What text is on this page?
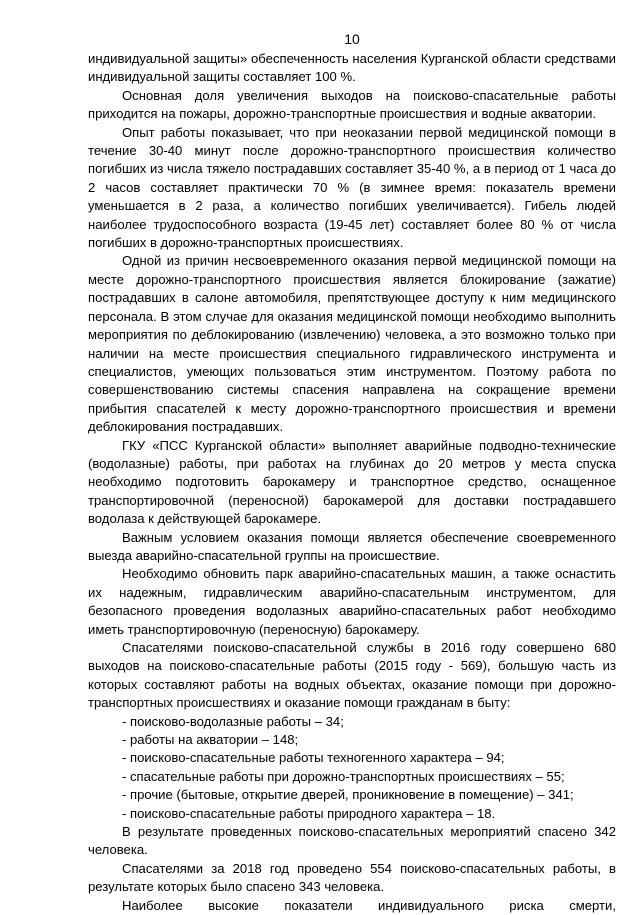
10

индивидуальной защиты» обеспеченность населения Курганской области средствами индивидуальной защиты составляет 100 %.

Основная доля увеличения выходов на поисково-спасательные работы приходится на пожары, дорожно-транспортные происшествия и водные акватории.

Опыт работы показывает, что при неоказании первой медицинской помощи в течение 30-40 минут после дорожно-транспортного происшествия количество погибших из числа тяжело пострадавших составляет 35-40 %, а в период от 1 часа до 2 часов составляет практически 70 % (в зимнее время: показатель времени уменьшается в 2 раза, а количество погибших увеличивается). Гибель людей наиболее трудоспособного возраста (19-45 лет) составляет более 80 % от числа погибших в дорожно-транспортных происшествиях.

Одной из причин несвоевременного оказания первой медицинской помощи на месте дорожно-транспортного происшествия является блокирование (зажатие) пострадавших в салоне автомобиля, препятствующее доступу к ним медицинского персонала. В этом случае для оказания медицинской помощи необходимо выполнить мероприятия по деблокированию (извлечению) человека, а это возможно только при наличии на месте происшествия специального гидравлического инструмента и специалистов, умеющих пользоваться этим инструментом. Поэтому работа по совершенствованию системы спасения направлена на сокращение времени прибытия спасателей к месту дорожно-транспортного происшествия и времени деблокирования пострадавших.

ГКУ «ПСС Курганской области» выполняет аварийные подводно-технические (водолазные) работы, при работах на глубинах до 20 метров у места спуска необходимо подготовить барокамеру и транспортное средство, оснащенное транспортировочной (переносной) барокамерой для доставки пострадавшего водолаза к действующей барокамере.

Важным условием оказания помощи является обеспечение своевременного выезда аварийно-спасательной группы на происшествие.

Необходимо обновить парк аварийно-спасательных машин, а также оснастить их надежным, гидравлическим аварийно-спасательным инструментом, для безопасного проведения водолазных аварийно-спасательных работ необходимо иметь транспортировочную (переносную) барокамеру.

Спасателями поисково-спасательной службы в 2016 году совершено 680 выходов на поисково-спасательные работы (2015 году - 569), большую часть из которых составляют работы на водных объектах, оказание помощи при дорожно-транспортных происшествиях и оказание помощи гражданам в быту:

- поисково-водолазные работы – 34;
- работы на акватории – 148;
- поисково-спасательные работы техногенного характера – 94;
- спасательные работы при дорожно-транспортных происшествиях – 55;
- прочие (бытовые, открытие дверей, проникновение в помещение) – 341;
- поисково-спасательные работы природного характера – 18.

В результате проведенных поисково-спасательных мероприятий спасено 342 человека.

Спасателями за 2018 год проведено 554 поисково-спасательных работы, в результате которых было спасено 343 человека.

Наиболее высокие показатели индивидуального риска смерти,
